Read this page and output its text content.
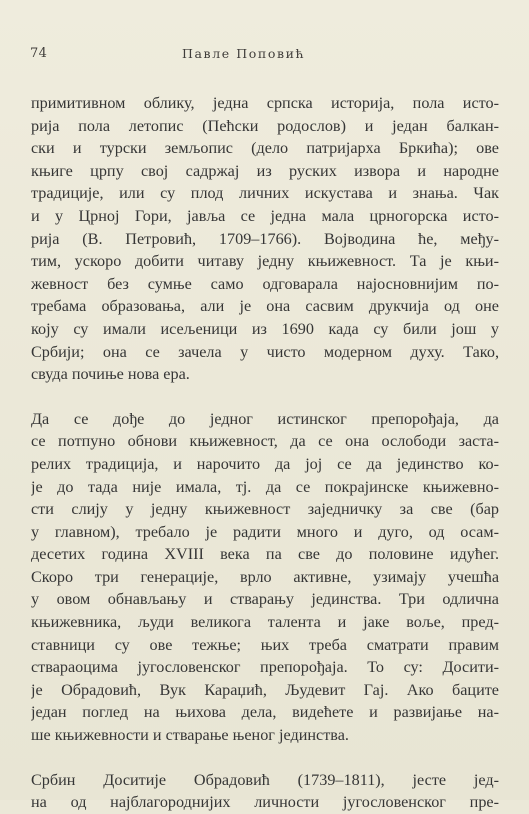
74	Павле Поповић
примитивном облику, једна српска историја, пола исто-
рија пола летопис (Пећски родослов) и један балкан-
ски и турски земљопис (дело патријарха Бркића); ове
књиге црпу свој садржај из руских извора и народне
традиције, или су плод личних искустава и знања. Чак
и у Црној Гори, јавља се једна мала црногорска исто-
рија (В. Петровић, 1709–1766). Војводина ће, међу-
тим, ускоро добити читаву једну књижевност. Та је књи-
жевност без сумње само одговарала најосновнијим по-
требама образовања, али је она сасвим друкчија од оне
коју су имали исељеници из 1690 када су били још у
Србији; она се зачела у чисто модерном духу. Тако,
свуда почиње нова ера.
Да се дође до једног истинског препорођаја, да
се потпуно обнови књижевност, да се она ослободи застa-
релих традиција, и нарочито да јој се да јединство ко-
је до тада није имала, тј. да се покрајинске књижевно-
сти слију у једну књижевност заједничку за све (бар
у главном), требало је радити много и дуго, од осам-
десетих година XVIII века па све до половине идућег.
Скоро три генерације, врло активне, узимају учешћа
у овом обнављању и стварању јединства. Три одлична
књижевника, људи великога талента и јаке воље, пред-
ставници су ове тежње; њих треба сматрати правим
ствараоцима југословенског препорођаја. То су: Досити-
је Обрадовић, Вук Караџић, Људевит Гај. Ако баците
један поглед на њихова дела, видећете и развијање на-
ше књижевности и стварање њеног јединства.
Србин Доситије Обрадовић (1739–1811), јесте јед-
на од најблагороднијих личности југословенског пре-
